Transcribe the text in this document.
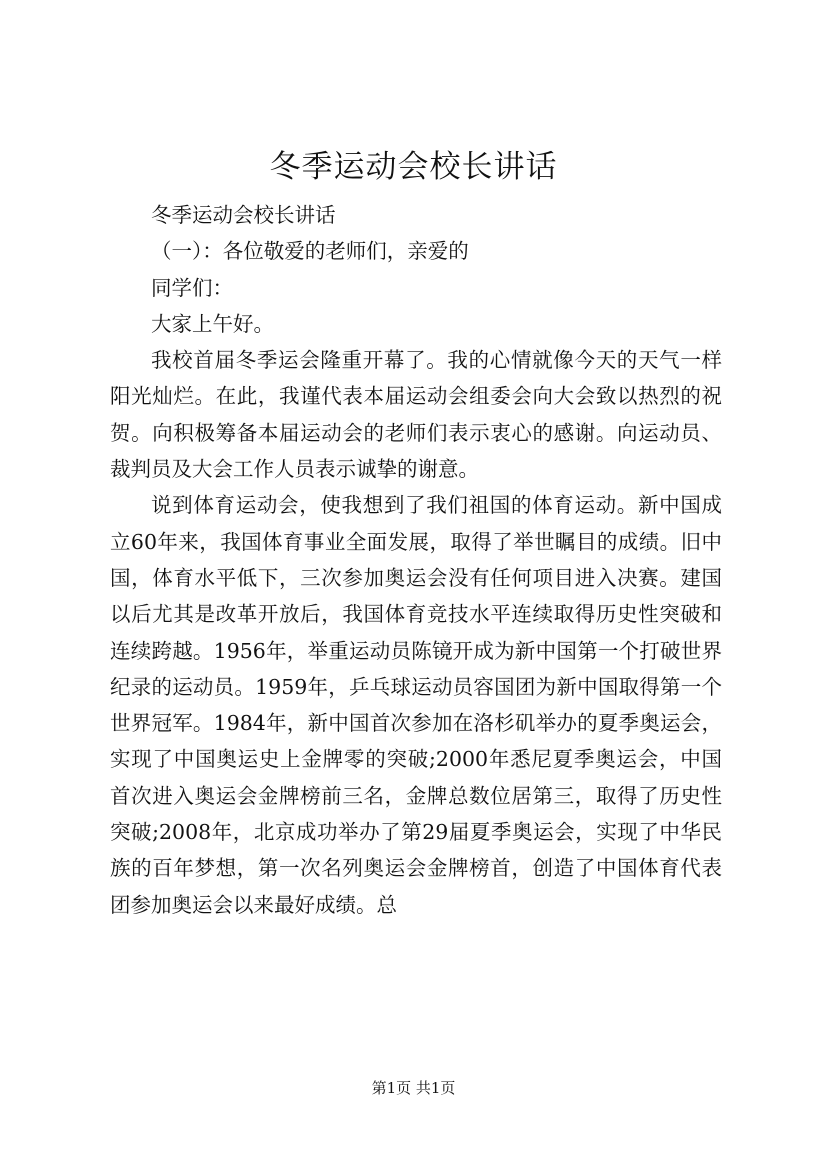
冬季运动会校长讲话

冬季运动会校长讲话

（一）：各位敬爱的老师们，亲爱的

同学们：

大家上午好。

我校首届冬季运会隆重开幕了。我的心情就像今天的天气一样阳光灿烂。在此，我谨代表本届运动会组委会向大会致以热烈的祝贺。向积极筹备本届运动会的老师们表示衷心的感谢。向运动员、裁判员及大会工作人员表示诚挚的谢意。

说到体育运动会，使我想到了我们祖国的体育运动。新中国成立60年来，我国体育事业全面发展，取得了举世瞩目的成绩。旧中国，体育水平低下，三次参加奥运会没有任何项目进入决赛。建国以后尤其是改革开放后，我国体育竞技水平连续取得历史性突破和连续跨越。1956年，举重运动员陈镜开成为新中国第一个打破世界纪录的运动员。1959年，乒乓球运动员容国团为新中国取得第一个世界冠军。1984年，新中国首次参加在洛杉矶举办的夏季奥运会，实现了中国奥运史上金牌零的突破;2000年悉尼夏季奥运会，中国首次进入奥运会金牌榜前三名，金牌总数位居第三，取得了历史性突破;2008年，北京成功举办了第29届夏季奥运会，实现了中华民族的百年梦想，第一次名列奥运会金牌榜首，创造了中国体育代表团参加奥运会以来最好成绩。总

第1页 共1页
